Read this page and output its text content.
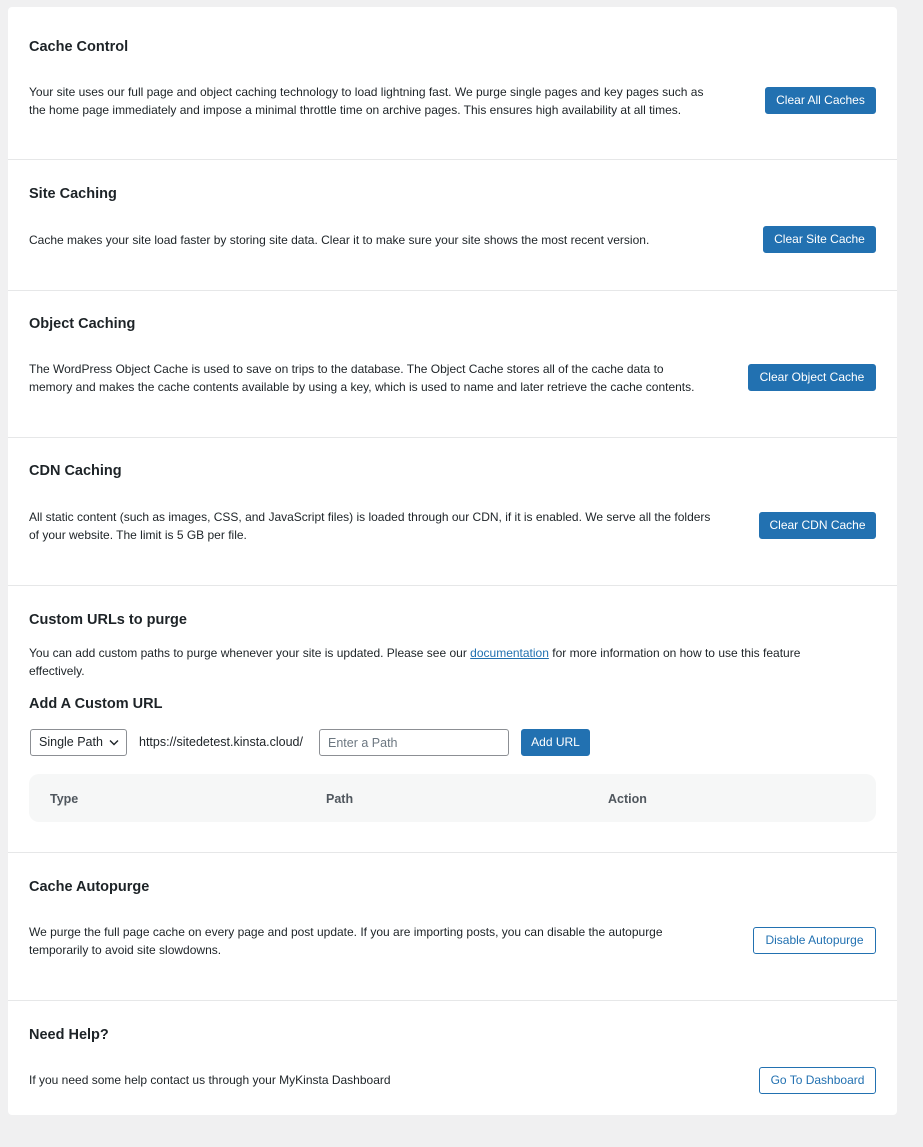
Cache Control
Your site uses our full page and object caching technology to load lightning fast. We purge single pages and key pages such as
the home page immediately and impose a minimal throttle time on archive pages. This ensures high availability at all times.
Clear All Caches
Site Caching
Cache makes your site load faster by storing site data. Clear it to make sure your site shows the most recent version.	Clear Site Cache
Object Caching
The WordPress Object Cache is used to save on trips to the database. The Object Cache stores all of the cache data to
memory and makes the cache contents available by using a key, which is used to name and later retrieve the cache contents.
Clear Object Cache
CDN Caching
All static content (such as images, CSS, and JavaScript files) is loaded through our CDN, if it is enabled. We serve all the folders
of your website. The limit is 5 GB per file.
Clear CDN Cache
Custom URLs to purge
You can add custom paths to purge whenever your site is updated. Please see our documentation for more information on how to use this feature
effectively.
Add A Custom URL
Single Path	https://sitedetest.kinsta.cloud/
Enter a Path	Add URL
Type	Path	Action
Cache Autopurge
We purge the full page cache on every page and post update. If you are importing posts, you can disable the autopurge
temporarily to avoid site slowdowns.
Disable Autopurge
Need Help?
If you need some help contact us through your MyKinsta Dashboard	Go To Dashboard
